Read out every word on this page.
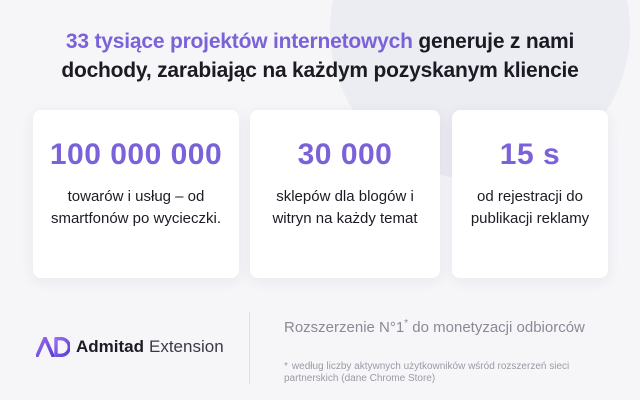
33 tysiące projektów internetowych generuje z nami dochody, zarabiając na każdym pozyskanym kliencie
100 000 000
towarów i usług – od smartfonów po wycieczki.
30 000
sklepów dla blogów i witryn na każdy temat
15 s
od rejestracji do publikacji reklamy
Admitad Extension
Rozszerzenie N°1* do monetyzacji odbiorców
* według liczby aktywnych użytkowników wśród rozszerzeń sieci partnerskich (dane Chrome Store)
